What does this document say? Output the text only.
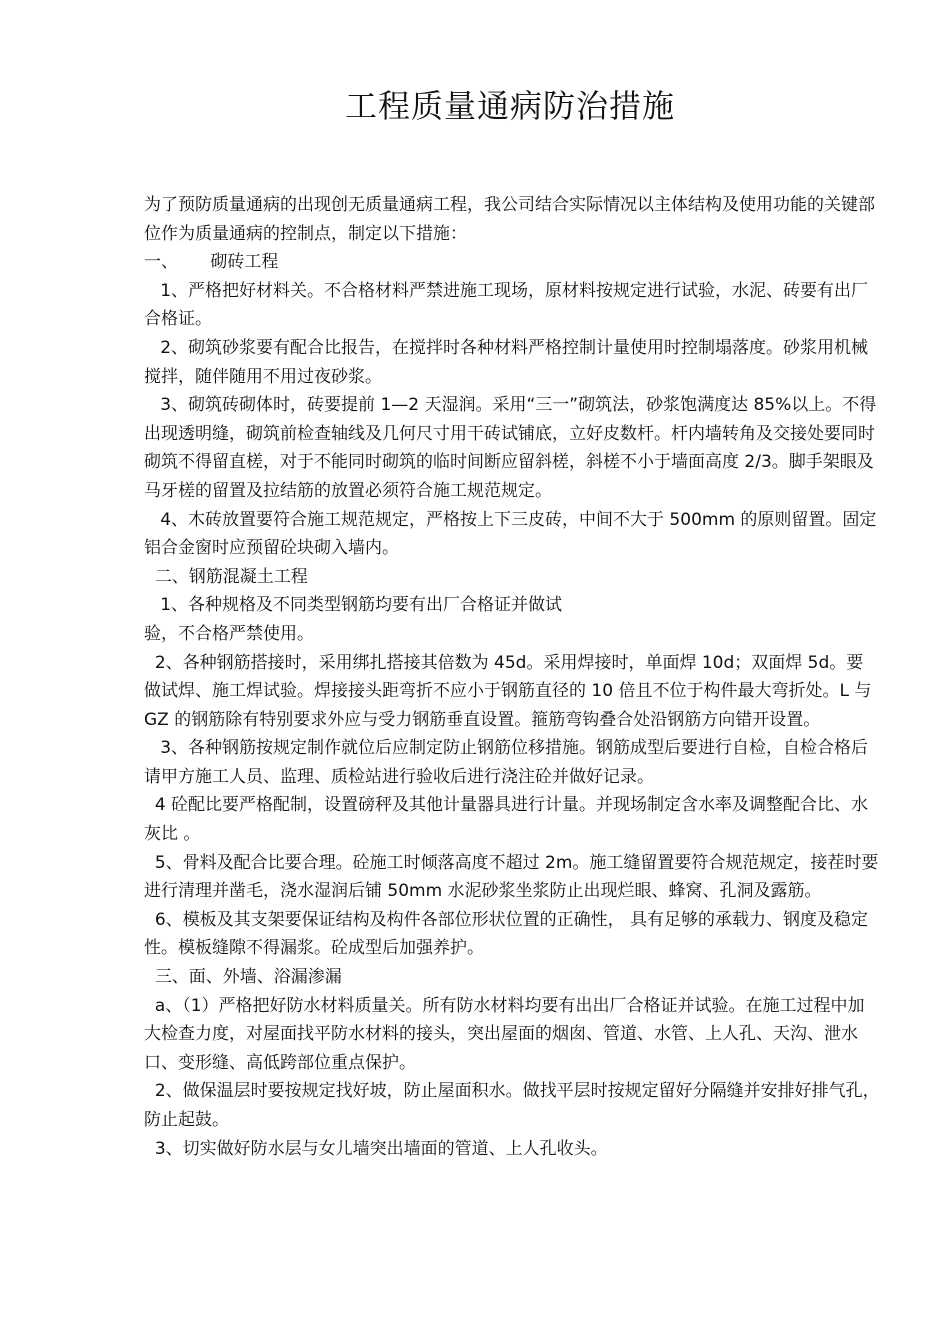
工程质量通病防治措施

为了预防质量通病的出现创无质量通病工程，我公司结合实际情况以主体结构及使用功能的关键部位作为质量通病的控制点，制定以下措施：

一、      砌砖工程

1、严格把好材料关。不合格材料严禁进施工现场，原材料按规定进行试验，水泥、砖要有出厂合格证。

2、砌筑砂浆要有配合比报告，在搅拌时各种材料严格控制计量使用时控制塌落度。砂浆用机械搅拌，随伴随用不用过夜砂浆。

3、砌筑砖砌体时，砖要提前 1—2 天湿润。采用“三一”砌筑法，砂浆饱满度达 85%以上。不得出现透明缝，砌筑前检查轴线及几何尺寸用干砖试铺底，立好皮数杆。杆内墙转角及交接处要同时砌筑不得留直槎，对于不能同时砌筑的临时间断应留斜槎，斜槎不小于墙面高度 2/3。脚手架眼及马牙槎的留置及拉结筋的放置必须符合施工规范规定。

4、木砖放置要符合施工规范规定，严格按上下三皮砖，中间不大于 500mm 的原则留置。固定铝合金窗时应预留砼块砌入墙内。

二、钢筋混凝土工程

1、各种规格及不同类型钢筋均要有出厂合格证并做试

验，不合格严禁使用。

2、各种钢筋搭接时，采用绑扎搭接其倍数为 45d。采用焊接时，单面焊 10d；双面焊 5d。要做试焊、施工焊试验。焊接接头距弯折不应小于钢筋直径的 10 倍且不位于构件最大弯折处。L 与 GZ 的钢筋除有特别要求外应与受力钢筋垂直设置。箍筋弯钩叠合处沿钢筋方向错开设置。

3、各种钢筋按规定制作就位后应制定防止钢筋位移措施。钢筋成型后要进行自检，自检合格后请甲方施工人员、监理、质检站进行验收后进行浇注砼并做好记录。

4 砼配比要严格配制，设置磅秤及其他计量器具进行计量。并现场制定含水率及调整配合比、水灰比 。

5、骨料及配合比要合理。砼施工时倾落高度不超过 2m。施工缝留置要符合规范规定，接茬时要进行清理并凿毛，浇水湿润后铺 50mm 水泥砂浆坐浆防止出现烂眼、蜂窝、孔洞及露筋。

6、模板及其支架要保证结构及构件各部位形状位置的正确性， 具有足够的承载力、钢度及稳定性。模板缝隙不得漏浆。砼成型后加强养护。

三、面、外墙、浴漏渗漏

a、（1）严格把好防水材料质量关。所有防水材料均要有出出厂合格证并试验。在施工过程中加大检查力度，对屋面找平防水材料的接头，突出屋面的烟囱、管道、水管、上人孔、天沟、泄水口、变形缝、高低跨部位重点保护。

2、做保温层时要按规定找好坡，防止屋面积水。做找平层时按规定留好分隔缝并安排好排气孔，防止起鼓。

3、切实做好防水层与女儿墙突出墙面的管道、上人孔收头。
